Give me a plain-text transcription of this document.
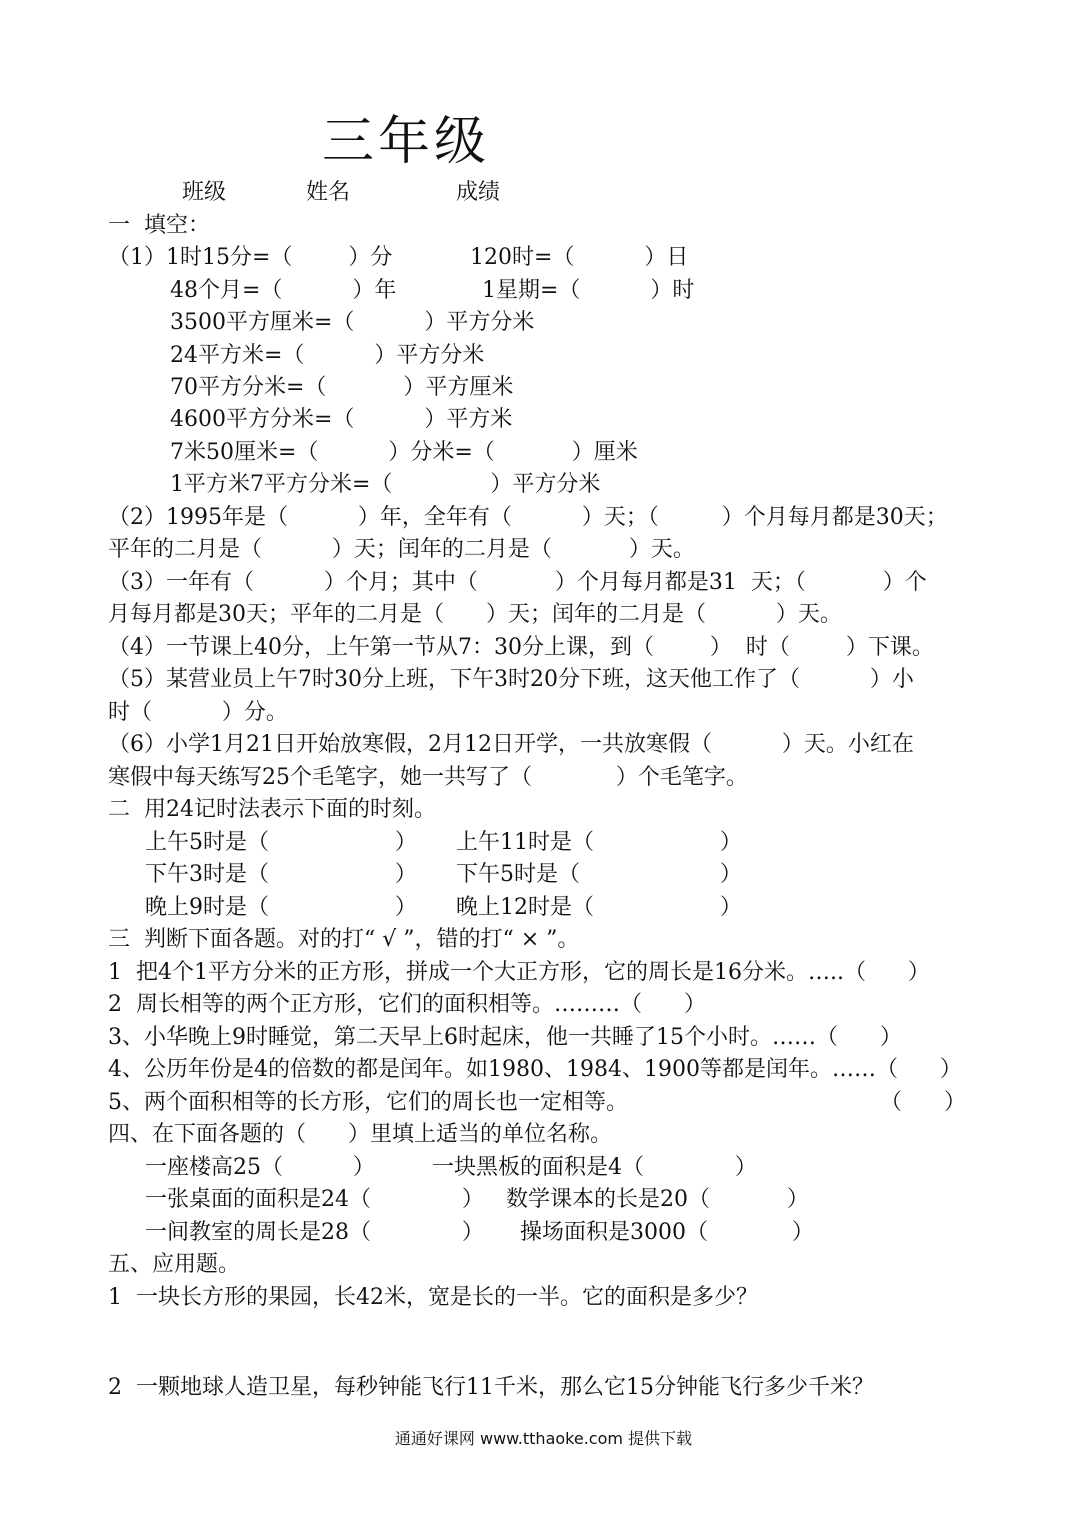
三年级
班级	姓名	成绩
一  填空：
（1）1时15分=（        ）分	120时=（          ）日
48个月=（          ）年	1星期=（          ）时
3500平方厘米=（          ）平方分米
24平方米=（          ）平方分米
70平方分米=（           ）平方厘米
4600平方分米=（          ）平方米
7米50厘米=（          ）分米=（           ）厘米
1平方米7平方分米=（              ）平方分米
（2）1995年是（          ）年，全年有（          ）天；（         ）个月每月都是30天；
平年的二月是（          ）天；闰年的二月是（           ）天。
（3）一年有（          ）个月；其中（           ）个月每月都是31  天；（           ）个
月每月都是30天；平年的二月是（      ）天；闰年的二月是（          ）天。
（4）一节课上40分，上午第一节从7：30分上课，到（        ）  时（        ）下课。
（5）某营业员上午7时30分上班，下午3时20分下班，这天他工作了（          ）小
时（          ）分。
（6）小学1月21日开始放寒假，2月12日开学，一共放寒假（          ）天。小红在
寒假中每天练写25个毛笔字，她一共写了（            ）个毛笔字。
二  用24记时法表示下面的时刻。
上午5时是（                  ） 上午11时是（                  ）
下午3时是（                  ） 下午5时是（                    ）
晚上9时是（                  ） 晚上12时是（                  ）
三  判断下面各题。对的打“ √ ”，错的打“ × ”。
1  把4个1平方分米的正方形，拼成一个大正方形，它的周长是16分米。…..（      ）
2  周长相等的两个正方形，它们的面积相等。………（      ）
3、小华晚上9时睡觉，第二天早上6时起床，他一共睡了15个小时。……（      ）
4、公历年份是4的倍数的都是闰年。如1980、1984、1900等都是闰年。……（      ）
5、两个面积相等的长方形，它们的周长也一定相等。	（      ）
四、在下面各题的（      ）里填上适当的单位名称。
一座楼高25（          ）	一块黑板的面积是4（             ）
一张桌面的面积是24（             ） 数学课本的长是20（           ）
一间教室的周长是28（             ） 操场面积是3000（            ）
五、应用题。
1  一块长方形的果园，长42米，宽是长的一半。它的面积是多少？
2  一颗地球人造卫星，每秒钟能飞行11千米，那么它15分钟能飞行多少千米？
通通好课网 www.tthaoke.com 提供下载
